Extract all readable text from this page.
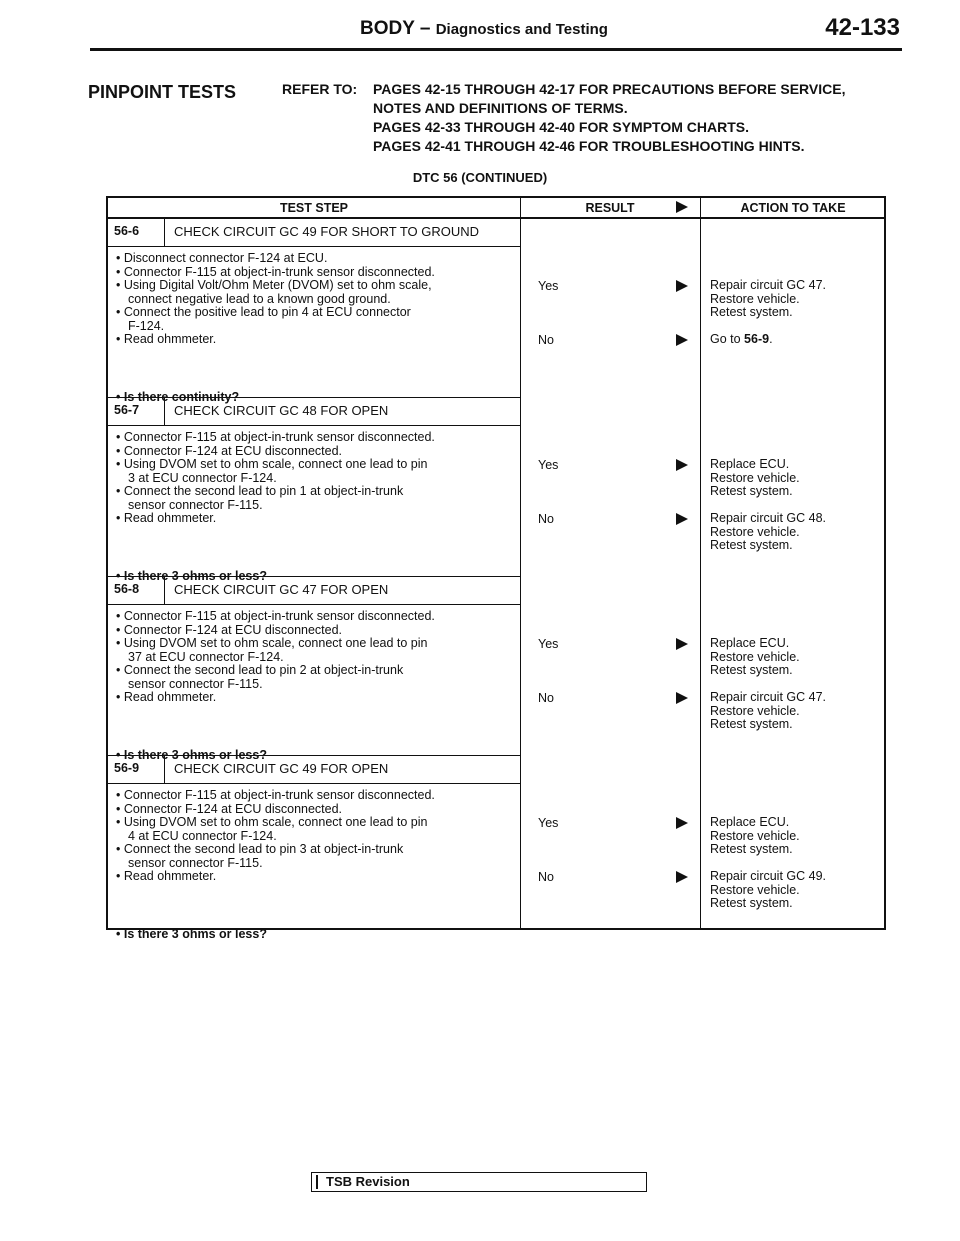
BODY – Diagnostics and Testing	42-133
PINPOINT TESTS	REFER TO: PAGES 42-15 THROUGH 42-17 FOR PRECAUTIONS BEFORE SERVICE,
NOTES AND DEFINITIONS OF TERMS.
PAGES 42-33 THROUGH 42-40 FOR SYMPTOM CHARTS.
PAGES 42-41 THROUGH 42-46 FOR TROUBLESHOOTING HINTS.
DTC 56 (CONTINUED)
TEST STEP	RESULT	ACTION TO TAKE
56-6	CHECK CIRCUIT GC 49 FOR SHORT TO GROUND
• Disconnect connector F-124 at ECU.
• Connector F-115 at object-in-trunk sensor disconnected.
• Using Digital Volt/Ohm Meter (DVOM) set to ohm scale,
connect negative lead to a known good ground.
• Connect the positive lead to pin 4 at ECU connector
F-124.
• Read ohmmeter.
• Is there continuity?
Yes	Repair circuit GC 47.
Restore vehicle.
Retest system.
No	Go to 56-9.
56-7	CHECK CIRCUIT GC 48 FOR OPEN
• Connector F-115 at object-in-trunk sensor disconnected.
• Connector F-124 at ECU disconnected.
• Using DVOM set to ohm scale, connect one lead to pin
3 at ECU connector F-124.
• Connect the second lead to pin 1 at object-in-trunk
sensor connector F-115.
• Read ohmmeter.
• Is there 3 ohms or less?
Yes	Replace ECU.
Restore vehicle.
Retest system.
No	Repair circuit GC 48.
Restore vehicle.
Retest system.
56-8	CHECK CIRCUIT GC 47 FOR OPEN
• Connector F-115 at object-in-trunk sensor disconnected.
• Connector F-124 at ECU disconnected.
• Using DVOM set to ohm scale, connect one lead to pin
37 at ECU connector F-124.
• Connect the second lead to pin 2 at object-in-trunk
sensor connector F-115.
• Read ohmmeter.
• Is there 3 ohms or less?
Yes	Replace ECU.
Restore vehicle.
Retest system.
No	Repair circuit GC 47.
Restore vehicle.
Retest system.
56-9	CHECK CIRCUIT GC 49 FOR OPEN
• Connector F-115 at object-in-trunk sensor disconnected.
• Connector F-124 at ECU disconnected.
• Using DVOM set to ohm scale, connect one lead to pin
4 at ECU connector F-124.
• Connect the second lead to pin 3 at object-in-trunk
sensor connector F-115.
• Read ohmmeter.
• Is there 3 ohms or less?
Yes	Replace ECU.
Restore vehicle.
Retest system.
No	Repair circuit GC 49.
Restore vehicle.
Retest system.
TSB Revision
